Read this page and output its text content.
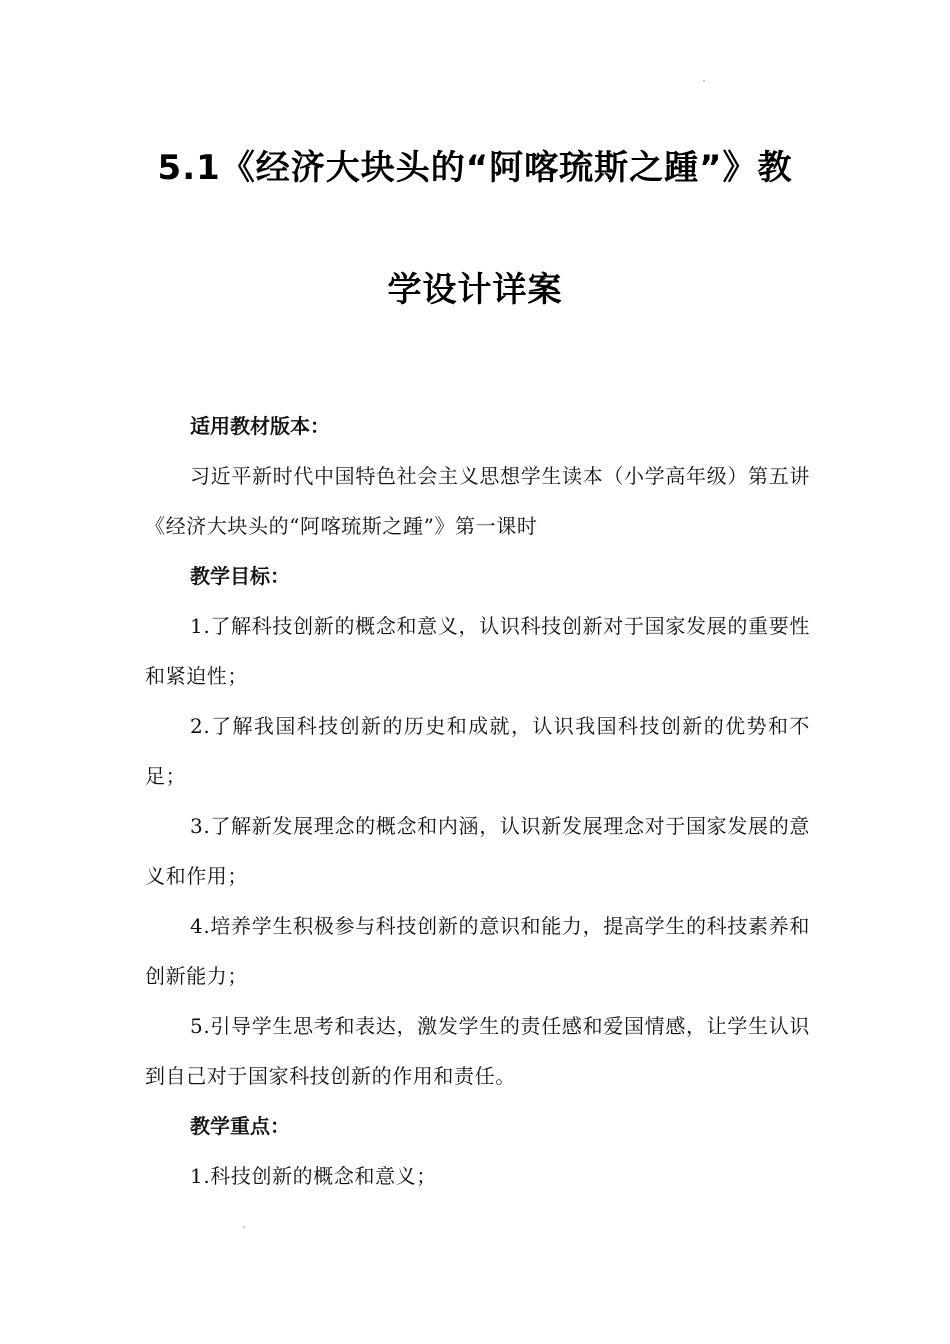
5.1《经济大块头的“阿喀琉斯之踵”》教
学设计详案

适用教材版本：

习近平新时代中国特色社会主义思想学生读本（小学高年级）第五讲《经济大块头的“阿喀琉斯之踵”》第一课时

教学目标：

1.了解科技创新的概念和意义，认识科技创新对于国家发展的重要性和紧迫性；

2.了解我国科技创新的历史和成就，认识我国科技创新的优势和不足；

3.了解新发展理念的概念和内涵，认识新发展理念对于国家发展的意义和作用；

4.培养学生积极参与科技创新的意识和能力，提高学生的科技素养和创新能力；

5.引导学生思考和表达，激发学生的责任感和爱国情感，让学生认识到自己对于国家科技创新的作用和责任。

教学重点：

1.科技创新的概念和意义；
